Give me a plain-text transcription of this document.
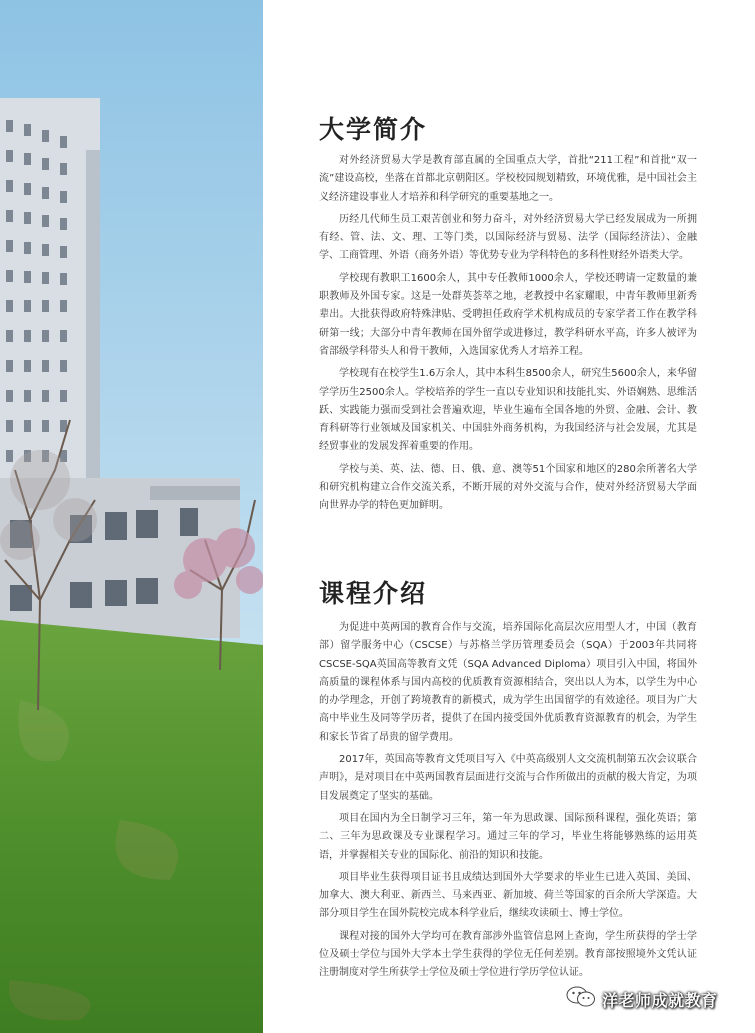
大学简介

对外经济贸易大学是教育部直属的全国重点大学，首批“211工程”和首批“双一流”建设高校，坐落在首都北京朝阳区。学校校园规划精致，环境优雅，是中国社会主义经济建设事业人才培养和科学研究的重要基地之一。

历经几代师生员工艰苦创业和努力奋斗，对外经济贸易大学已经发展成为一所拥有经、管、法、文、理、工等门类，以国际经济与贸易、法学（国际经济法）、金融学、工商管理、外语（商务外语）等优势专业为学科特色的多科性财经外语类大学。

学校现有教职工1600余人，其中专任教师1000余人，学校还聘请一定数量的兼职教师及外国专家。这是一处群英荟萃之地，老教授中名家耀眼，中青年教师里新秀辈出。大批获得政府特殊津贴、受聘担任政府学术机构成员的专家学者工作在教学科研第一线；大部分中青年教师在国外留学或进修过，教学科研水平高，许多人被评为省部级学科带头人和骨干教师，入选国家优秀人才培养工程。

学校现有在校学生1.6万余人，其中本科生8500余人，研究生5600余人，来华留学学历生2500余人。学校培养的学生一直以专业知识和技能扎实、外语娴熟、思维活跃、实践能力强而受到社会普遍欢迎，毕业生遍布全国各地的外贸、金融、会计、教育科研等行业领域及国家机关、中国驻外商务机构，为我国经济与社会发展，尤其是经贸事业的发展发挥着重要的作用。

学校与美、英、法、德、日、俄、意、澳等51个国家和地区的280余所著名大学和研究机构建立合作交流关系，不断开展的对外交流与合作，使对外经济贸易大学面向世界办学的特色更加鲜明。

课程介绍

为促进中英两国的教育合作与交流，培养国际化高层次应用型人才，中国（教育部）留学服务中心（CSCSE）与苏格兰学历管理委员会（SQA）于2003年共同将CSCSE-SQA英国高等教育文凭（SQA Advanced Diploma）项目引入中国，将国外高质量的课程体系与国内高校的优质教育资源相结合，突出以人为本，以学生为中心的办学理念，开创了跨境教育的新模式，成为学生出国留学的有效途径。项目为广大高中毕业生及同等学历者，提供了在国内接受国外优质教育资源教育的机会，为学生和家长节省了昂贵的留学费用。

2017年，英国高等教育文凭项目写入《中英高级别人文交流机制第五次会议联合声明》，是对项目在中英两国教育层面进行交流与合作所做出的贡献的极大肯定，为项目发展奠定了坚实的基础。

项目在国内为全日制学习三年，第一年为思政课、国际预科课程，强化英语；第二、三年为思政课及专业课程学习。通过三年的学习，毕业生将能够熟练的运用英语，并掌握相关专业的国际化、前沿的知识和技能。

项目毕业生获得项目证书且成绩达到国外大学要求的毕业生已进入英国、美国、加拿大、澳大利亚、新西兰、马来西亚、新加坡、荷兰等国家的百余所大学深造。大部分项目学生在国外院校完成本科学业后，继续攻读硕士、博士学位。

课程对接的国外大学均可在教育部涉外监管信息网上查询，学生所获得的学士学位及硕士学位与国外大学本土学生获得的学位无任何差别。教育部按照境外文凭认证注册制度对学生所获学士学位及硕士学位进行学历学位认证。

洋老师成就教育
